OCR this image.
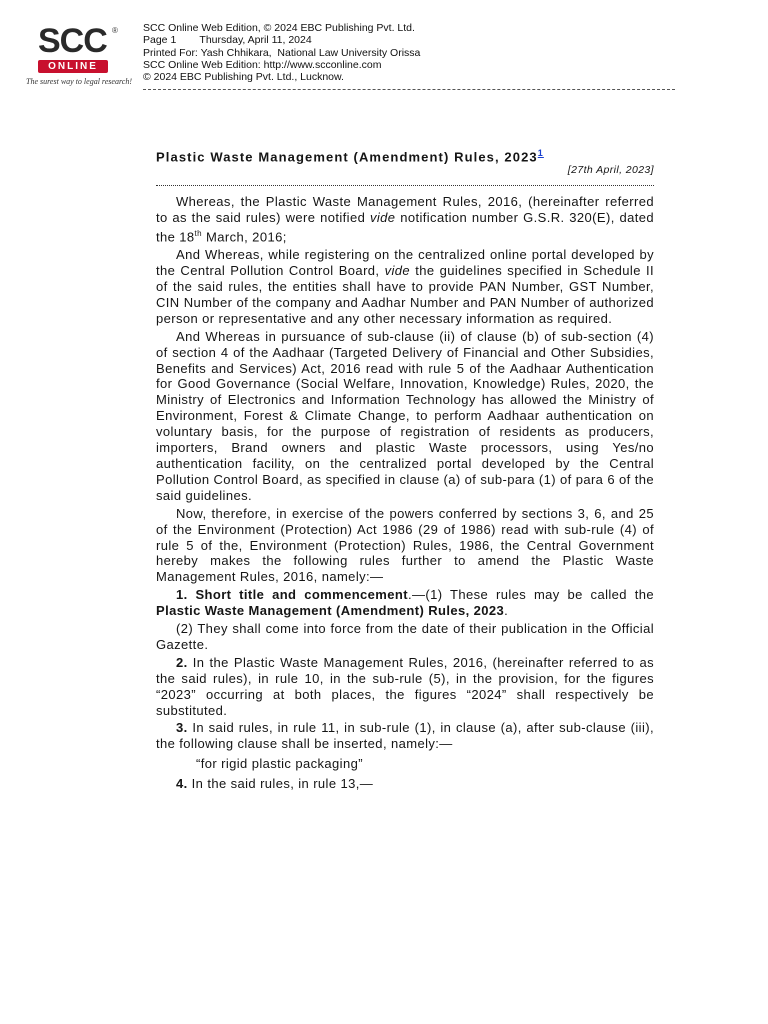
SCC ®
ONLINE
The surest way to legal research!
SCC Online Web Edition, © 2024 EBC Publishing Pvt. Ltd.
Page 1        Thursday, April 11, 2024
Printed For: Yash Chhikara,  National Law University Orissa
SCC Online Web Edition: http://www.scconline.com
© 2024 EBC Publishing Pvt. Ltd., Lucknow.
Plastic Waste Management (Amendment) Rules, 2023$^1$
[27th April, 2023]

Whereas, the Plastic Waste Management Rules, 2016, (hereinafter referred to as the said rules) were notified vide notification number G.S.R. 320(E), dated the 18th March, 2016;

And Whereas, while registering on the centralized online portal developed by the Central Pollution Control Board, vide the guidelines specified in Schedule II of the said rules, the entities shall have to provide PAN Number, GST Number, CIN Number of the company and Aadhar Number and PAN Number of authorized person or representative and any other necessary information as required.

And Whereas in pursuance of sub-clause (ii) of clause (b) of sub-section (4) of section 4 of the Aadhaar (Targeted Delivery of Financial and Other Subsidies, Benefits and Services) Act, 2016 read with rule 5 of the Aadhaar Authentication for Good Governance (Social Welfare, Innovation, Knowledge) Rules, 2020, the Ministry of Electronics and Information Technology has allowed the Ministry of Environment, Forest & Climate Change, to perform Aadhaar authentication on voluntary basis, for the purpose of registration of residents as producers, importers, Brand owners and plastic Waste processors, using Yes/no authentication facility, on the centralized portal developed by the Central Pollution Control Board, as specified in clause (a) of sub-para (1) of para 6 of the said guidelines.

Now, therefore, in exercise of the powers conferred by sections 3, 6, and 25 of the Environment (Protection) Act 1986 (29 of 1986) read with sub-rule (4) of rule 5 of the, Environment (Protection) Rules, 1986, the Central Government hereby makes the following rules further to amend the Plastic Waste Management Rules, 2016, namely:—

1. Short title and commencement.—(1) These rules may be called the Plastic Waste Management (Amendment) Rules, 2023.

(2) They shall come into force from the date of their publication in the Official Gazette.

2. In the Plastic Waste Management Rules, 2016, (hereinafter referred to as the said rules), in rule 10, in the sub-rule (5), in the provision, for the figures “2023” occurring at both places, the figures “2024” shall respectively be substituted.

3. In said rules, in rule 11, in sub-rule (1), in clause (a), after sub-clause (iii), the following clause shall be inserted, namely:—

“for rigid plastic packaging”

4. In the said rules, in rule 13,—
